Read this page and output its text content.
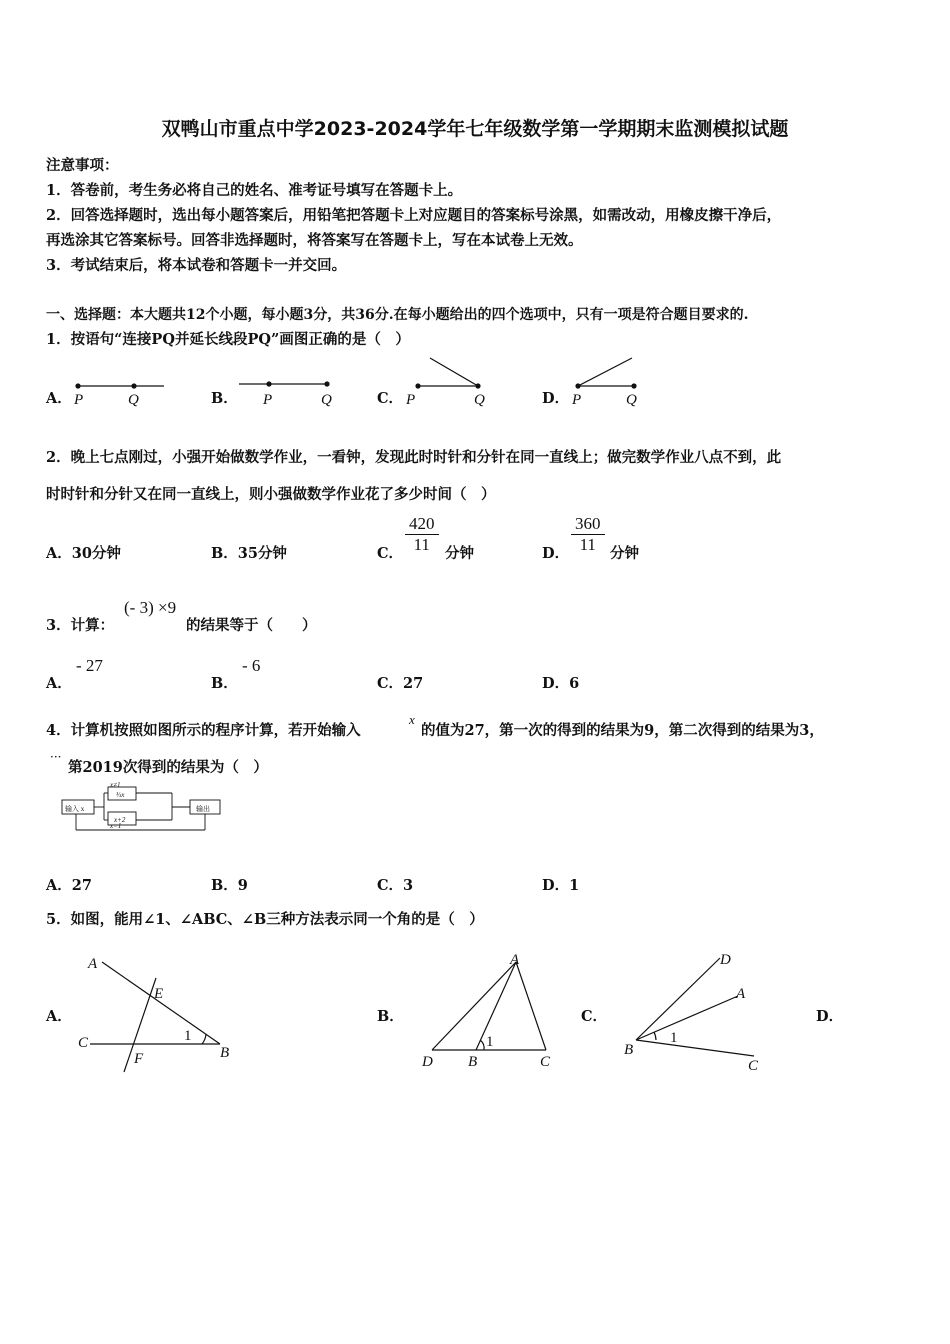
双鸭山市重点中学2023-2024学年七年级数学第一学期期末监测模拟试题
注意事项：
1．答卷前，考生务必将自己的姓名、准考证号填写在答题卡上。
2．回答选择题时，选出每小题答案后，用铅笔把答题卡上对应题目的答案标号涂黑，如需改动，用橡皮擦干净后，
再选涂其它答案标号。回答非选择题时，将答案写在答题卡上，写在本试卷上无效。
3．考试结束后，将本试卷和答题卡一并交回。
一、选择题：本大题共12个小题，每小题3分，共36分.在每小题给出的四个选项中，只有一项是符合题目要求的.
1．按语句“连接PQ并延长线段PQ”画图正确的是（　）
A．	B．	C．	D．
P	Q	P	Q	P	Q	P	Q
2．晚上七点刚过，小强开始做数学作业，一看钟，发现此时时针和分针在同一直线上；做完数学作业八点不到，此
时时针和分针又在同一直线上，则小强做数学作业花了多少时间（　）
A．30分钟	B．35分钟	C． $\frac{420}{11}$ 分钟	D． $\frac{360}{11}$ 分钟
3．计算：
(- 3) ×9
的结果等于（　　）
A．
- 27
B．
- 6
C．27	D．6
4．计算机按照如图所示的程序计算，若开始输入
x
的值为27，第一次的得到的结果为9，第二次得到的结果为3，
···
第2019次得到的结果为（　）
输入 x
x≠1
⅓x
x=1
x+2
输出
A．27	B．9	C．3	D．1
5．如图，能用∠1、∠ABC、∠B三种方法表示同一个角的是（　）
A．	B．	C．	D．
A
E
C
F	B
1
A
D B	C
1
D
A
B
C
1
